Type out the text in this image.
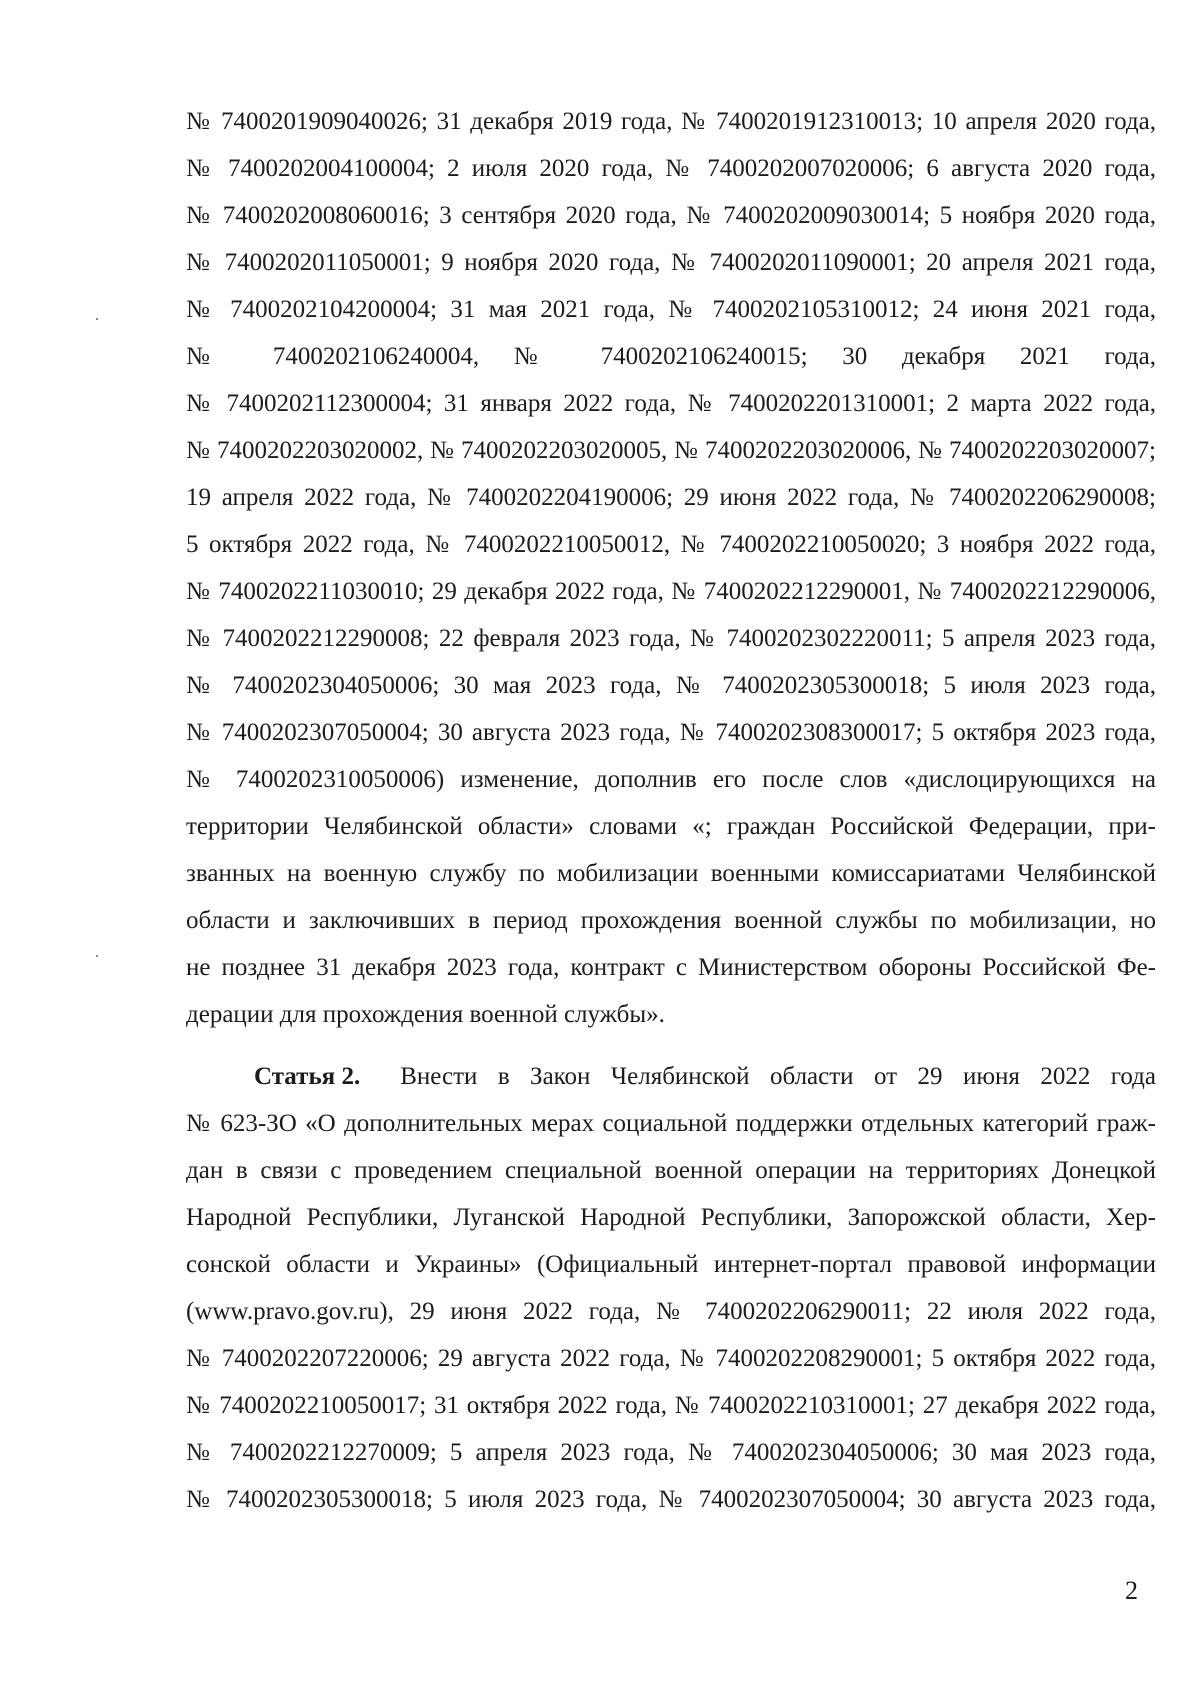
№ 7400201909040026; 31 декабря 2019 года, № 7400201912310013; 10 апреля 2020 года,
№ 7400202004100004; 2 июля 2020 года, № 7400202007020006; 6 августа 2020 года,
№ 7400202008060016; 3 сентября 2020 года, № 7400202009030014; 5 ноября 2020 года,
№ 7400202011050001; 9 ноября 2020 года, № 7400202011090001; 20 апреля 2021 года,
№ 7400202104200004; 31 мая 2021 года, № 7400202105310012; 24 июня 2021 года,
№ 7400202106240004, № 7400202106240015; 30 декабря 2021 года,
№ 7400202112300004; 31 января 2022 года, № 7400202201310001; 2 марта 2022 года,
№ 7400202203020002, № 7400202203020005, № 7400202203020006, № 7400202203020007;
19 апреля 2022 года, № 7400202204190006; 29 июня 2022 года, № 7400202206290008;
5 октября 2022 года, № 7400202210050012, № 7400202210050020; 3 ноября 2022 года,
№ 7400202211030010; 29 декабря 2022 года, № 7400202212290001, № 7400202212290006,
№ 7400202212290008; 22 февраля 2023 года, № 7400202302220011; 5 апреля 2023 года,
№ 7400202304050006; 30 мая 2023 года, № 7400202305300018; 5 июля 2023 года,
№ 7400202307050004; 30 августа 2023 года, № 7400202308300017; 5 октября 2023 года,
№ 7400202310050006) изменение, дополнив его после слов «дислоцирующихся на
территории Челябинской области» словами «; граждан Российской Федерации, при-
званных на военную службу по мобилизации военными комиссариатами Челябинской
области и заключивших в период прохождения военной службы по мобилизации, но
не позднее 31 декабря 2023 года, контракт с Министерством обороны Российской Фе-
дерации для прохождения военной службы».
Статья 2. Внести в Закон Челябинской области от 29 июня 2022 года
№ 623-ЗО «О дополнительных мерах социальной поддержки отдельных категорий граж-
дан в связи с проведением специальной военной операции на территориях Донецкой
Народной Республики, Луганской Народной Республики, Запорожской области, Хер-
сонской области и Украины» (Официальный интернет-портал правовой информации
(www.pravo.gov.ru), 29 июня 2022 года, № 7400202206290011; 22 июля 2022 года,
№ 7400202207220006; 29 августа 2022 года, № 7400202208290001; 5 октября 2022 года,
№ 7400202210050017; 31 октября 2022 года, № 7400202210310001; 27 декабря 2022 года,
№ 7400202212270009; 5 апреля 2023 года, № 7400202304050006; 30 мая 2023 года,
№ 7400202305300018; 5 июля 2023 года, № 7400202307050004; 30 августа 2023 года,
2
